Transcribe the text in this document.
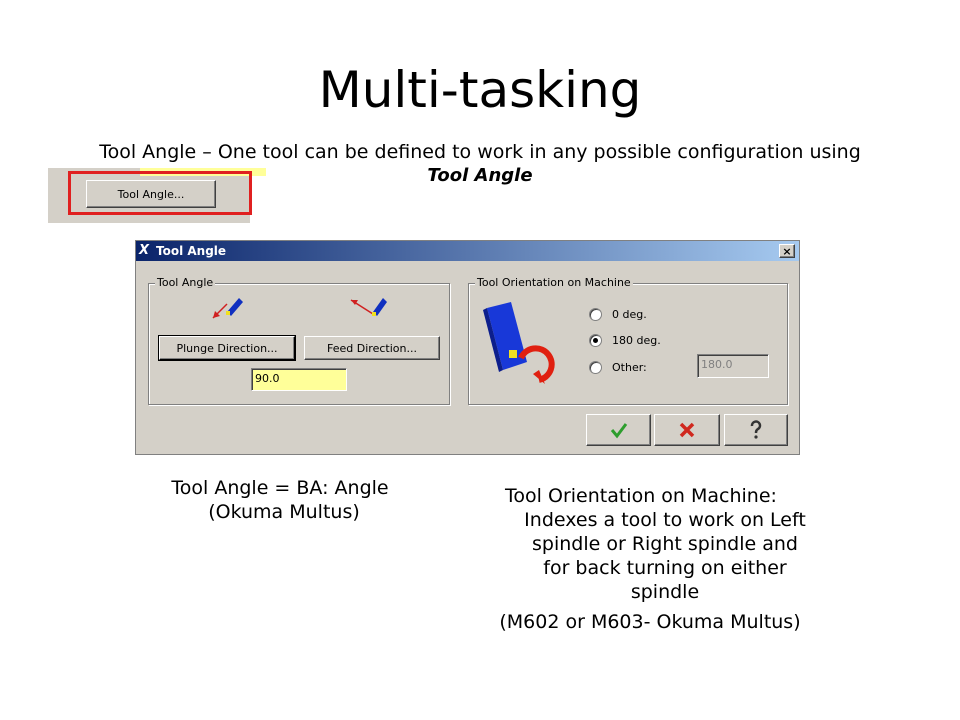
Multi-tasking
Tool Angle – One tool can be defined to work in any possible configuration using
Tool Angle
Tool Angle...
X Tool Angle	×
Tool Angle
Plunge Direction...	Feed Direction...
90.0
Tool Orientation on Machine
0 deg.
180 deg.
Other:	180.0
Tool Angle = BA: Angle
(Okuma Multus)
Tool Orientation on Machine:
Indexes a tool to work on Left
spindle or Right spindle and
for back turning on either
spindle
(M602 or M603- Okuma Multus)
